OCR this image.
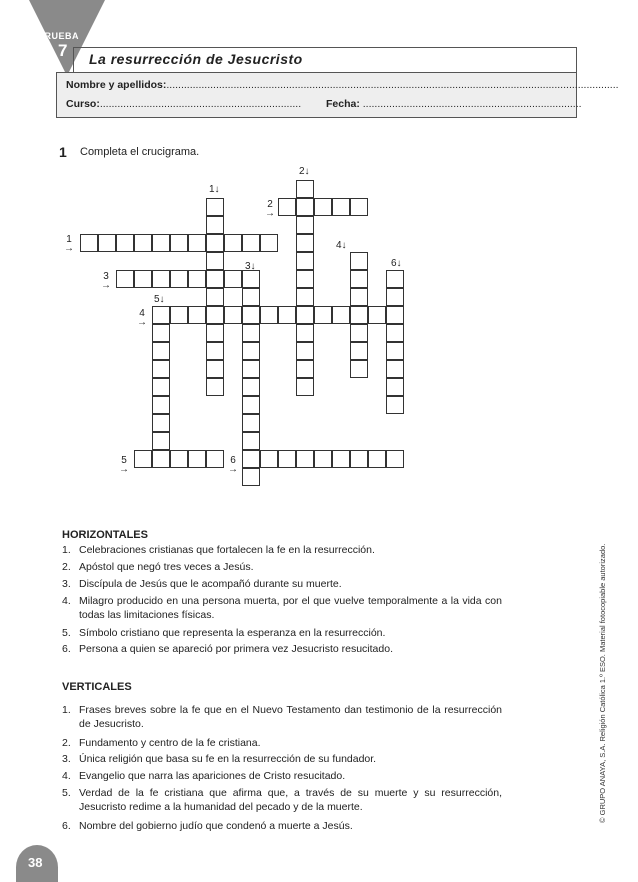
PRUEBA
7 La resurrección de Jesucristo
Nombre y apellidos:...........................................................................................................................................................
Curso:..................................................................... Fecha: ...........................................................................
1 Completa el crucigrama.
1↓
2↓
3↓
4↓
5↓
6↓
2
→
1
→
3
→
4
→
5
→
6
→
HORIZONTALES
1. Celebraciones cristianas que fortalecen la fe en la resurrección.
2. Apóstol que negó tres veces a Jesús.
3. Discípula de Jesús que le acompañó durante su muerte.
4. Milagro producido en una persona muerta, por el que vuelve temporalmente a la vida con todas las limitaciones físicas.
5. Símbolo cristiano que representa la esperanza en la resurrección.
6. Persona a quien se apareció por primera vez Jesucristo resucitado.
VERTICALES
1. Frases breves sobre la fe que en el Nuevo Testamento dan testimonio de la resurrección de Jesucristo.
2. Fundamento y centro de la fe cristiana.
3. Única religión que basa su fe en la resurrección de su fundador.
4. Evangelio que narra las apariciones de Cristo resucitado.
5. Verdad de la fe cristiana que afirma que, a través de su muerte y su resurrección, Jesucristo redime a la humanidad del pecado y de la muerte.
6. Nombre del gobierno judío que condenó a muerte a Jesús.
© GRUPO ANAYA, S.A. Religión Católica 1.º ESO. Material fotocopiable autorizado.
38
